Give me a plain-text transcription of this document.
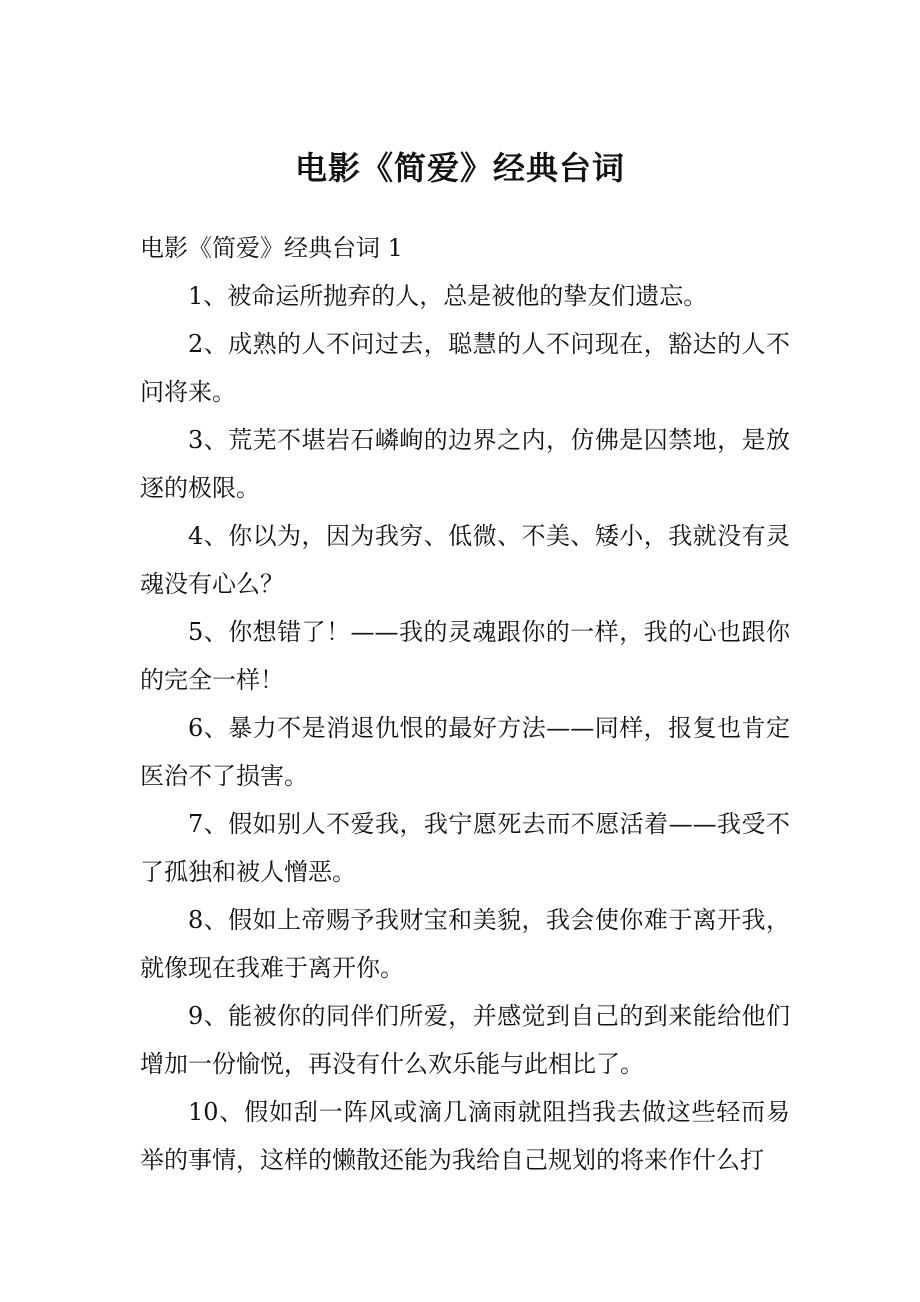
电影《简爱》经典台词

电影《简爱》经典台词 1

1、被命运所抛弃的人，总是被他的挚友们遗忘。

2、成熟的人不问过去，聪慧的人不问现在，豁达的人不问将来。

3、荒芜不堪岩石嶙峋的边界之内，仿佛是囚禁地，是放逐的极限。

4、你以为，因为我穷、低微、不美、矮小，我就没有灵魂没有心么？

5、你想错了！——我的灵魂跟你的一样，我的心也跟你的完全一样！

6、暴力不是消退仇恨的最好方法——同样，报复也肯定医治不了损害。

7、假如别人不爱我，我宁愿死去而不愿活着——我受不了孤独和被人憎恶。

8、假如上帝赐予我财宝和美貌，我会使你难于离开我，就像现在我难于离开你。

9、能被你的同伴们所爱，并感觉到自己的到来能给他们增加一份愉悦，再没有什么欢乐能与此相比了。

10、假如刮一阵风或滴几滴雨就阻挡我去做这些轻而易举的事情，这样的懒散还能为我给自己规划的将来作什么打
